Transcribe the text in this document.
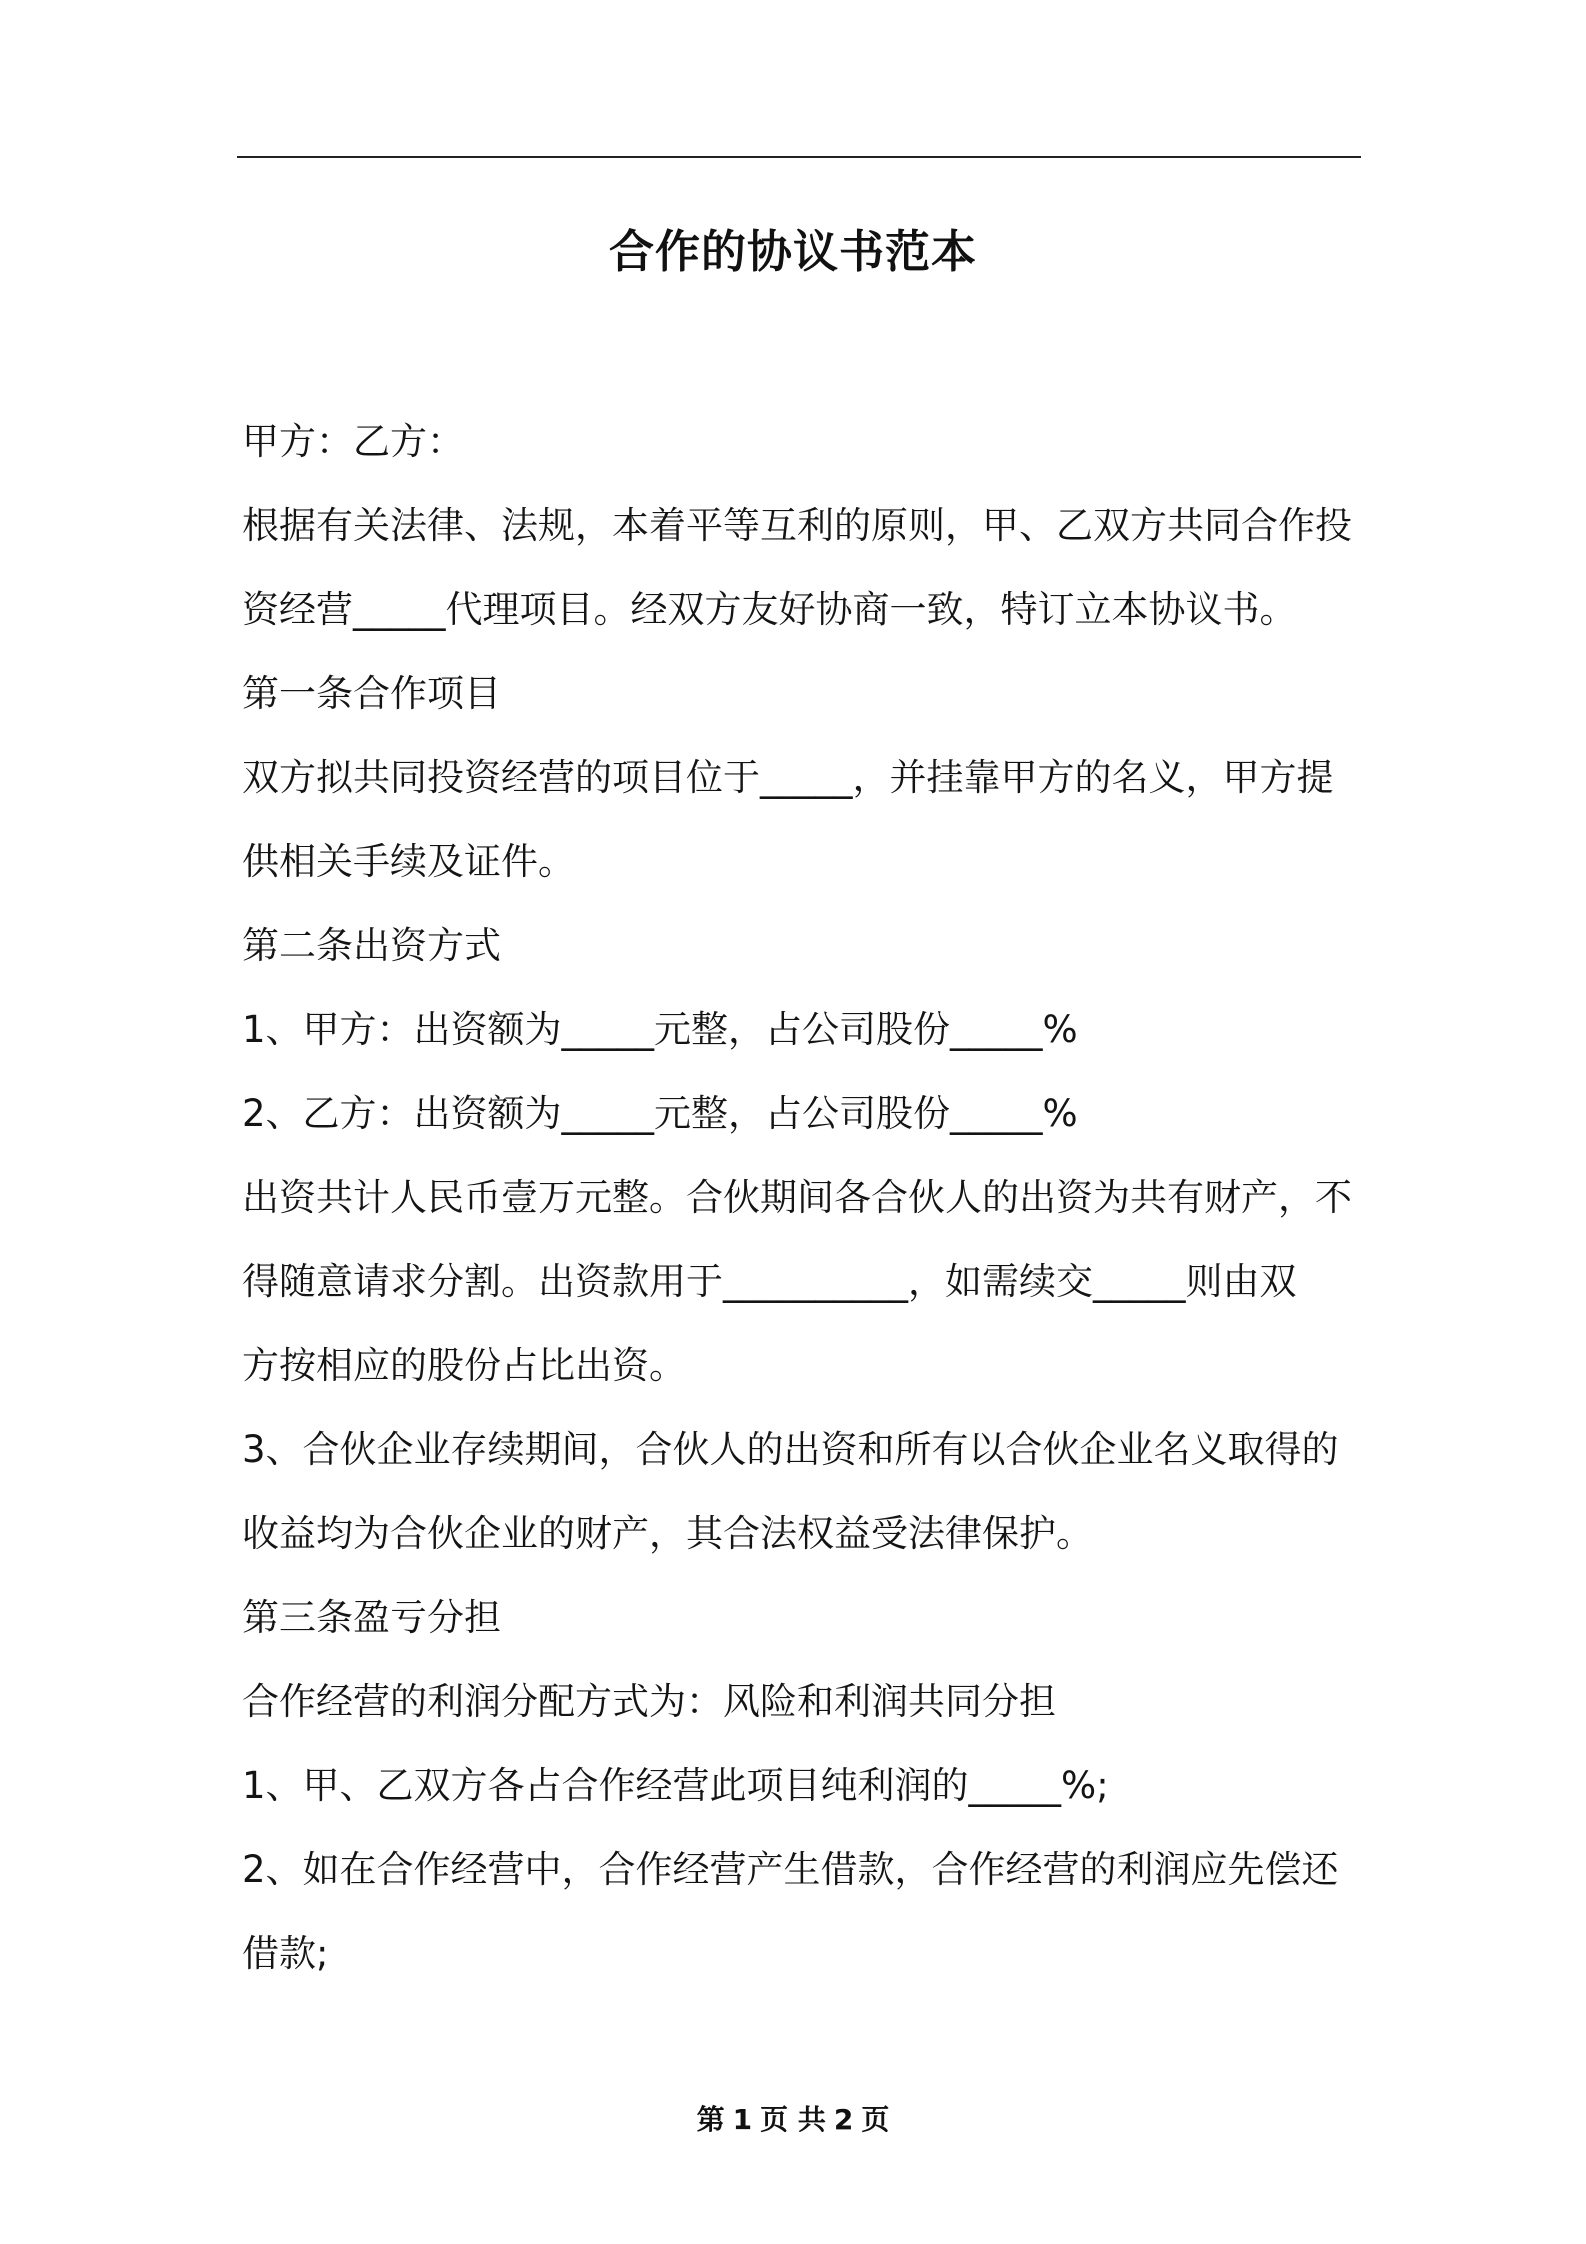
合作的协议书范本
甲方：乙方：
根据有关法律、法规，本着平等互利的原则，甲、乙双方共同合作投
资经营_____代理项目。经双方友好协商一致，特订立本协议书。
第一条合作项目
双方拟共同投资经营的项目位于_____，并挂靠甲方的名义，甲方提
供相关手续及证件。
第二条出资方式
1、甲方：出资额为_____元整，占公司股份_____%
2、乙方：出资额为_____元整，占公司股份_____%
出资共计人民币壹万元整。合伙期间各合伙人的出资为共有财产，不
得随意请求分割。出资款用于__________，如需续交_____则由双
方按相应的股份占比出资。
3、合伙企业存续期间，合伙人的出资和所有以合伙企业名义取得的
收益均为合伙企业的财产，其合法权益受法律保护。
第三条盈亏分担
合作经营的利润分配方式为：风险和利润共同分担
1、甲、乙双方各占合作经营此项目纯利润的_____%;
2、如在合作经营中，合作经营产生借款，合作经营的利润应先偿还
借款;
第 1 页 共 2 页
